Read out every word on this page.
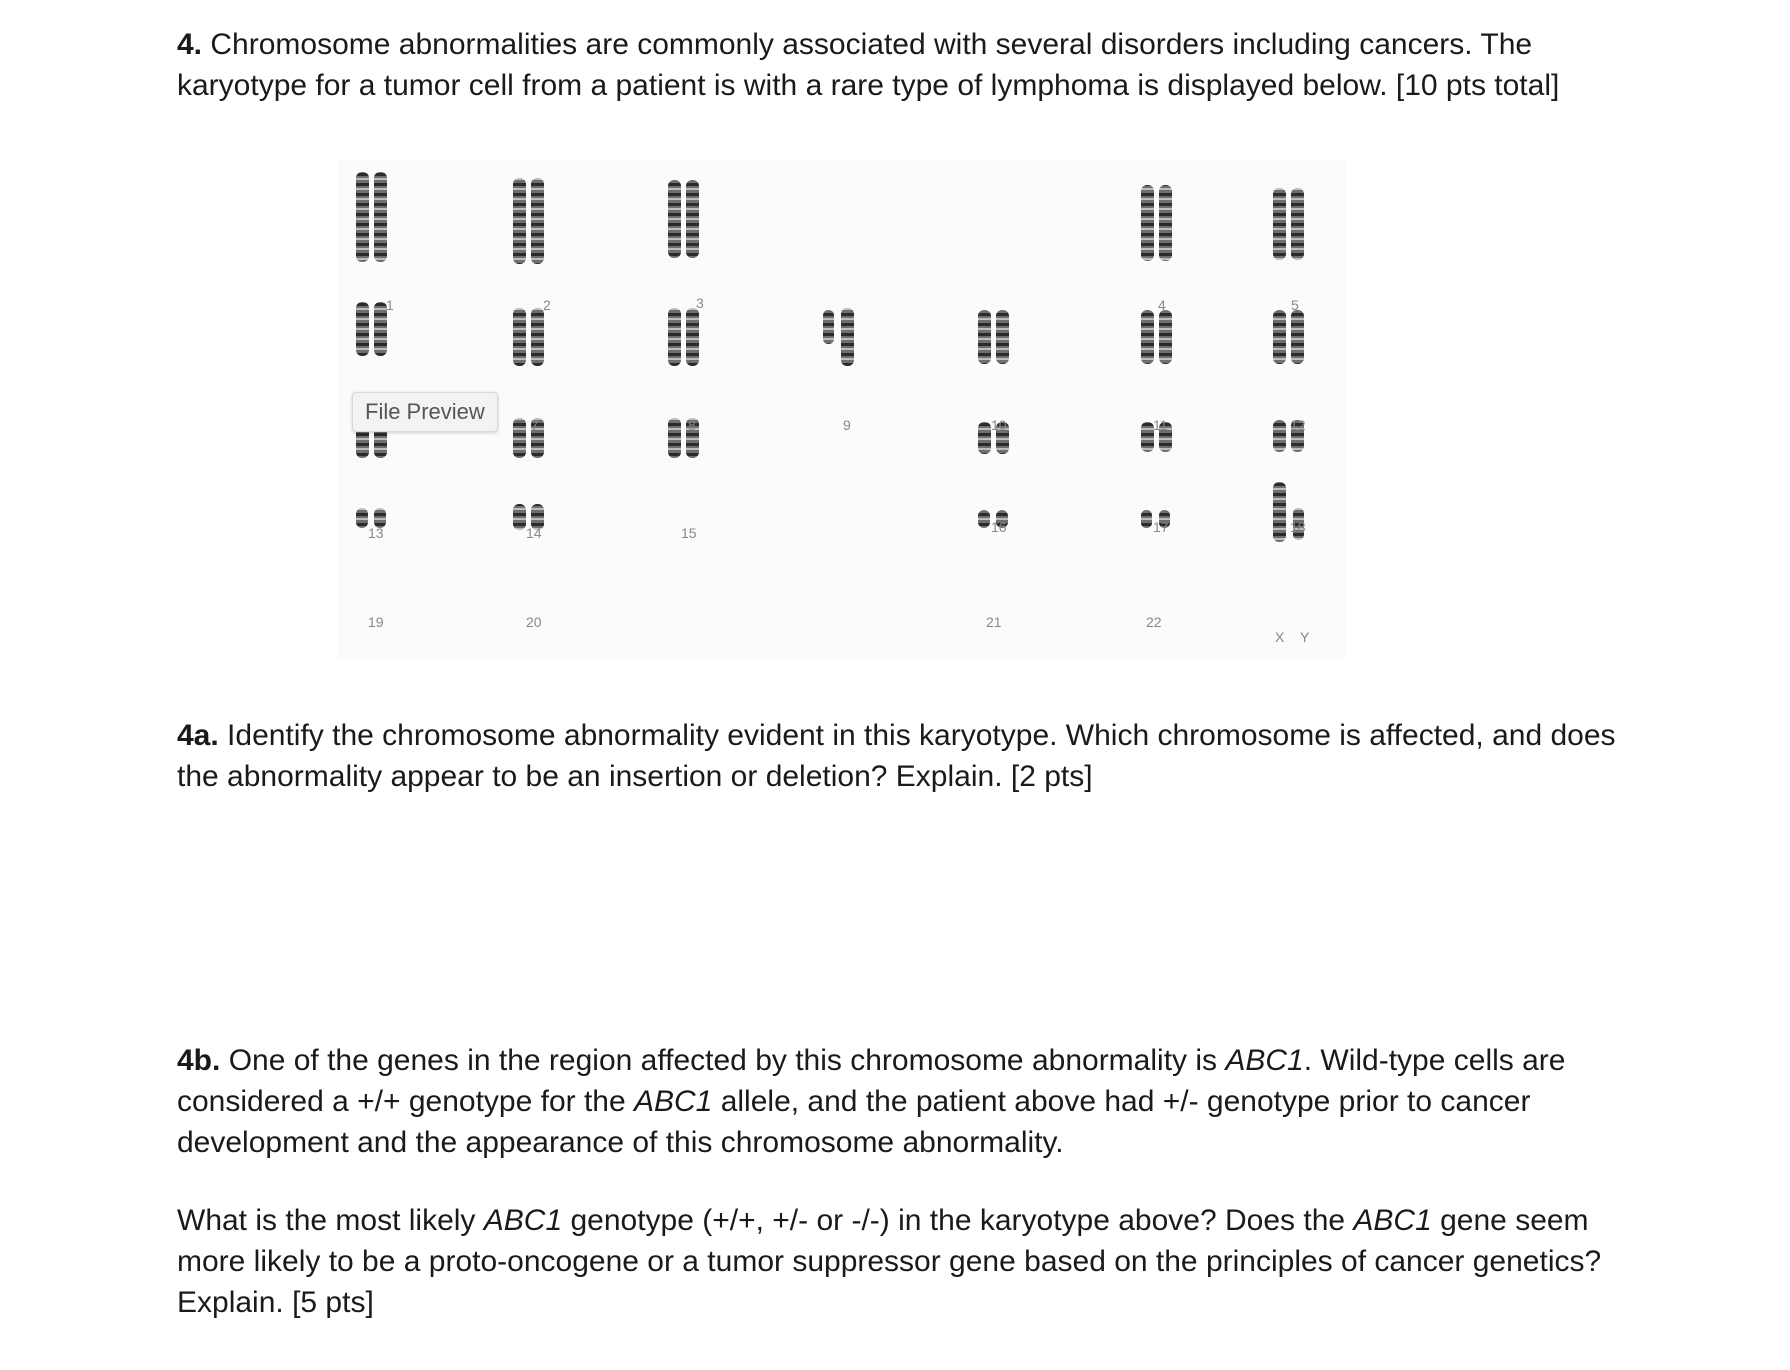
4. Chromosome abnormalities are commonly associated with several disorders including cancers. The karyotype for a tumor cell from a patient is with a rare type of lymphoma is displayed below. [10 pts total]

1	2	3	4	5
7	8	9	10	11	12
13	14	15	16	17	18
19	20	21	22
X Y
File Preview

4a. Identify the chromosome abnormality evident in this karyotype. Which chromosome is affected, and does the abnormality appear to be an insertion or deletion? Explain. [2 pts]

4b. One of the genes in the region affected by this chromosome abnormality is ABC1. Wild-type cells are considered a +/+ genotype for the ABC1 allele, and the patient above had +/- genotype prior to cancer development and the appearance of this chromosome abnormality.

What is the most likely ABC1 genotype (+/+, +/- or -/-) in the karyotype above? Does the ABC1 gene seem more likely to be a proto-oncogene or a tumor suppressor gene based on the principles of cancer genetics? Explain. [5 pts]
